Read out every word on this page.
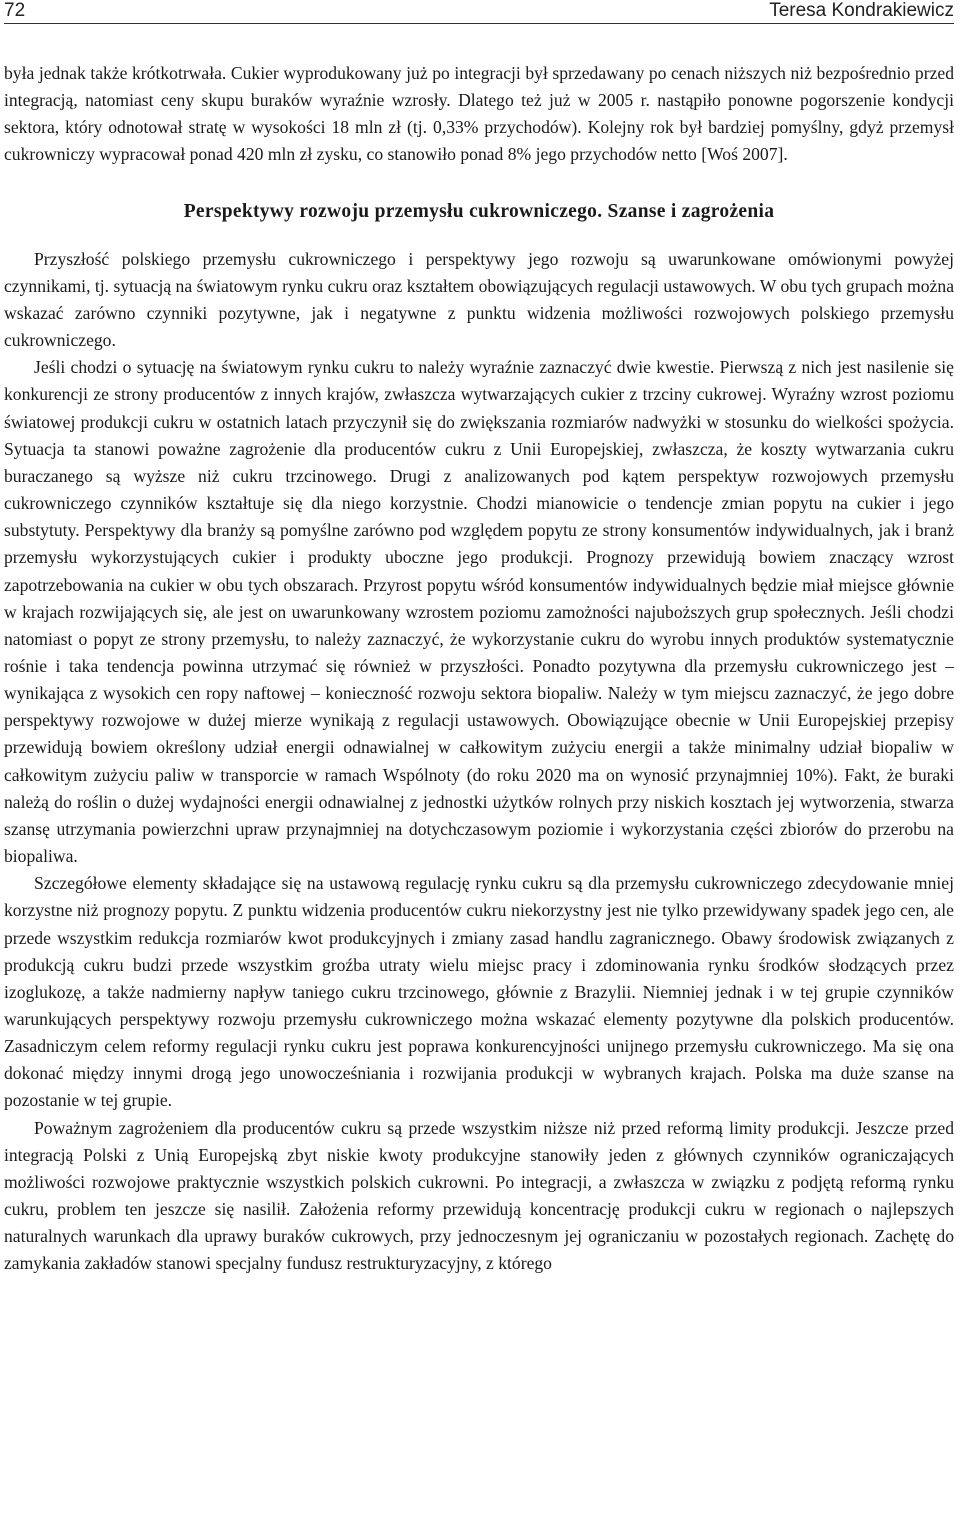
72	Teresa Kondrakiewicz

była jednak także krótkotrwała. Cukier wyprodukowany już po integracji był sprzedawany po cenach niższych niż bezpośrednio przed integracją, natomiast ceny skupu buraków wyraźnie wzrosły. Dlatego też już w 2005 r. nastąpiło ponowne pogorszenie kondycji sektora, który odnotował stratę w wysokości 18 mln zł (tj. 0,33% przychodów). Kolejny rok był bardziej pomyślny, gdyż przemysł cukrowniczy wypracował ponad 420 mln zł zysku, co stanowiło ponad 8% jego przychodów netto [Woś 2007].

Perspektywy rozwoju przemysłu cukrowniczego. Szanse i zagrożenia

Przyszłość polskiego przemysłu cukrowniczego i perspektywy jego rozwoju są uwarunkowane omówionymi powyżej czynnikami, tj. sytuacją na światowym rynku cukru oraz kształtem obowiązujących regulacji ustawowych. W obu tych grupach można wskazać zarówno czynniki pozytywne, jak i negatywne z punktu widzenia możliwości rozwojowych polskiego przemysłu cukrowniczego.

Jeśli chodzi o sytuację na światowym rynku cukru to należy wyraźnie zaznaczyć dwie kwestie. Pierwszą z nich jest nasilenie się konkurencji ze strony producentów z innych krajów, zwłaszcza wytwarzających cukier z trzciny cukrowej. Wyraźny wzrost poziomu światowej produkcji cukru w ostatnich latach przyczynił się do zwiększania rozmiarów nadwyżki w stosunku do wielkości spożycia. Sytuacja ta stanowi poważne zagrożenie dla producentów cukru z Unii Europejskiej, zwłaszcza, że koszty wytwarzania cukru buraczanego są wyższe niż cukru trzcinowego. Drugi z analizowanych pod kątem perspektyw rozwojowych przemysłu cukrowniczego czynników kształtuje się dla niego korzystnie. Chodzi mianowicie o tendencje zmian popytu na cukier i jego substytuty. Perspektywy dla branży są pomyślne zarówno pod względem popytu ze strony konsumentów indywidualnych, jak i branż przemysłu wykorzystujących cukier i produkty uboczne jego produkcji. Prognozy przewidują bowiem znaczący wzrost zapotrzebowania na cukier w obu tych obszarach. Przyrost popytu wśród konsumentów indywidualnych będzie miał miejsce głównie w krajach rozwijających się, ale jest on uwarunkowany wzrostem poziomu zamożności najuboższych grup społecznych. Jeśli chodzi natomiast o popyt ze strony przemysłu, to należy zaznaczyć, że wykorzystanie cukru do wyrobu innych produktów systematycznie rośnie i taka tendencja powinna utrzymać się również w przyszłości. Ponadto pozytywna dla przemysłu cukrowniczego jest – wynikająca z wysokich cen ropy naftowej – konieczność rozwoju sektora biopaliw. Należy w tym miejscu zaznaczyć, że jego dobre perspektywy rozwojowe w dużej mierze wynikają z regulacji ustawowych. Obowiązujące obecnie w Unii Europejskiej przepisy przewidują bowiem określony udział energii odnawialnej w całkowitym zużyciu energii a także minimalny udział biopaliw w całkowitym zużyciu paliw w transporcie w ramach Wspólnoty (do roku 2020 ma on wynosić przynajmniej 10%). Fakt, że buraki należą do roślin o dużej wydajności energii odnawialnej z jednostki użytków rolnych przy niskich kosztach jej wytworzenia, stwarza szansę utrzymania powierzchni upraw przynajmniej na dotychczasowym poziomie i wykorzystania części zbiorów do przerobu na biopaliwa.

Szczegółowe elementy składające się na ustawową regulację rynku cukru są dla przemysłu cukrowniczego zdecydowanie mniej korzystne niż prognozy popytu. Z punktu widzenia producentów cukru niekorzystny jest nie tylko przewidywany spadek jego cen, ale przede wszystkim redukcja rozmiarów kwot produkcyjnych i zmiany zasad handlu zagranicznego. Obawy środowisk związanych z produkcją cukru budzi przede wszystkim groźba utraty wielu miejsc pracy i zdominowania rynku środków słodzących przez izoglukozę, a także nadmierny napływ taniego cukru trzcinowego, głównie z Brazylii. Niemniej jednak i w tej grupie czynników warunkujących perspektywy rozwoju przemysłu cukrowniczego można wskazać elementy pozytywne dla polskich producentów. Zasadniczym celem reformy regulacji rynku cukru jest poprawa konkurencyjności unijnego przemysłu cukrowniczego. Ma się ona dokonać między innymi drogą jego unowocześniania i rozwijania produkcji w wybranych krajach. Polska ma duże szanse na pozostanie w tej grupie.

Poważnym zagrożeniem dla producentów cukru są przede wszystkim niższe niż przed reformą limity produkcji. Jeszcze przed integracją Polski z Unią Europejską zbyt niskie kwoty produkcyjne stanowiły jeden z głównych czynników ograniczających możliwości rozwojowe praktycznie wszystkich polskich cukrowni. Po integracji, a zwłaszcza w związku z podjętą reformą rynku cukru, problem ten jeszcze się nasilił. Założenia reformy przewidują koncentrację produkcji cukru w regionach o najlepszych naturalnych warunkach dla uprawy buraków cukrowych, przy jednoczesnym jej ograniczaniu w pozostałych regionach. Zachętę do zamykania zakładów stanowi specjalny fundusz restrukturyzacyjny, z którego
